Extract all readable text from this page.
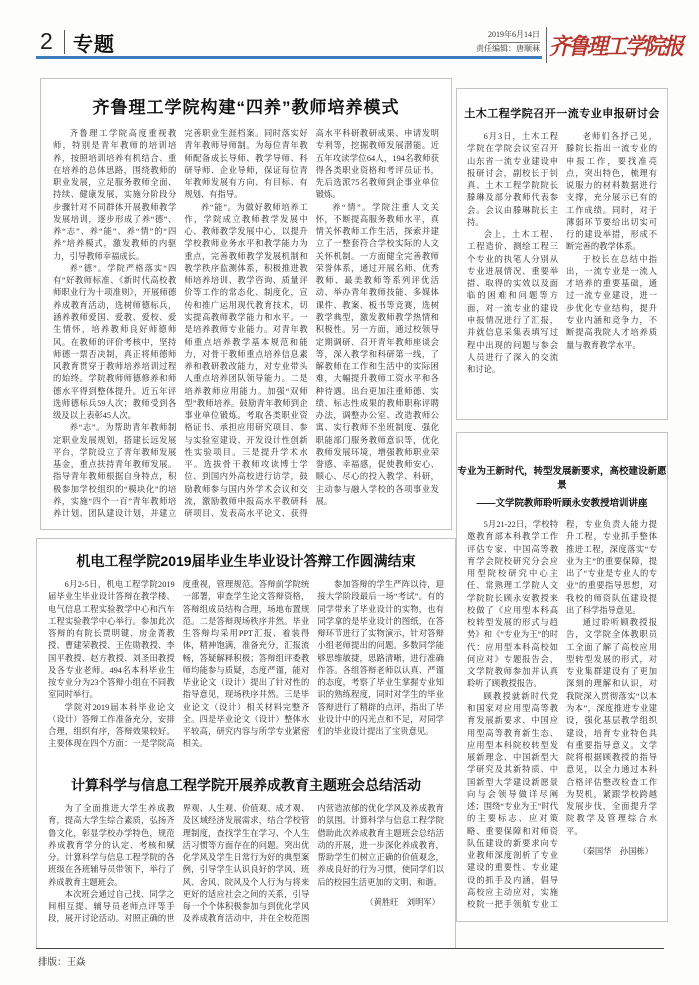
2 专题	2019年6月14日
责任编辑：唐顺菻 齐鲁理工学院报
齐鲁理工学院构建“四养”教师培养模式

齐鲁理工学院高度重视教师，特别是青年教师的培训培养，按照培训培养有机结合、重在培养的总体思路，围绕教师的职业发展，立足服务教师全面、持续、健康发展，实施分阶段分步骤针对不同群体开展教师教学发展培训，逐步形成了养“德”、养“志”、养“能”、养“情”的“四养”培养模式，激发教师的内驱力，引导教师幸福成长。

养“德”。学院严格落实“四有”好教师标准、《新时代高校教师职业行为十项准则》，开展师德养成教育活动，选树师德标兵，涵养教师爱国、爱教、爱校、爱生情怀，培养教师良好师德师风。在教师的评价考核中，坚持师德一票否决制，真正将师德师风教育贯穿于教师培养培训过程的始终。学院教师师德修养和师德水平得到整体提升。近五年评选师德标兵59人次；教师受到各级及以上表彰45人次。

养“志”。为帮助青年教师制定职业发展规划，搭建长远发展平台，学院设立了青年教师发展基金，重点扶持青年教师发展。指导青年教师根据自身特点，积极参加学校组织的“模块化”的培养，实施“四个一百”青年教师培养计划、团队建设计划，并建立完善职业生涯档案。同时落实好青年教师导师制。为每位青年教师配备成长导师、教学导师、科研导师、企业导师，保证每位青年教师发展有方向、有目标、有规划、有指导。

养“能”。为做好教师培养工作，学院成立教师教学发展中心、教师教学发展中心，以提升学校教师业务水平和教学能力为重点，完善教师教学发展机制和教学秩序监测体系，积极推进教师培养培训、教学咨询、质量评价等工作的常态化、制度化，宣传和推广运用现代教育技术，切实提高教师教学能力和水平。一是培养教师专业能力。对青年教师重点培养教学基本规范和能力，对骨干教师重点培养信息素养和教研教改能力，对专业带头人重点培养团队领导能力。二是培养教师应用能力。加强“双师型”教师培养。鼓励青年教师到企事业单位锻炼。考取各类职业资格证书、承担应用研究项目、参与实验室建设、开发设计性创新性实验项目。三是提升学术水平。选拔骨干教师攻读博士学位、到国内外高校进行访学，鼓励教师参与国内外学术会议和交流，激励教师申报高水平教研科研项目、发表高水平论文、获得高水平科研教研成果、申请发明专利等，挖掘教师发展潜能。近五年攻读学位64人，194名教师获得各类职业资格和考评员证书，先后选派75名教师到企事业单位锻炼。

养“情”。学院注重人文关怀，不断提高服务教师水平，真情关怀教师工作生活，探索并建立了一整套符合学校实际的人文关怀机制。一方面健全完善教师荣誉体系，通过开展名师、优秀教师、最美教师等系列评优活动、举办青年教师技能、多媒体课件、教案、板书等竞赛，选树教学典型，激发教师教学热情和积极性。另一方面，通过校领导定期调研、召开青年教师座谈会等，深入教学和科研第一线，了解教师在工作和生活中的实际困难，大幅提升教师工资水平和各种待遇。出台更加注重师德、实绩、标志性成果的教师职称评聘办法，调整办公室、改造教师公寓、实行教师不坐班制度、强化职能部门服务教师意识等，优化教师发展环境，增强教师职业荣誉感、幸福感，促使教师安心、顺心、尽心的投入教学、科研，主动参与融入学校的各项事业发展。

土木工程学院召开一流专业申报研讨会

6月3日，土木工程学院在学院会议室召开山东省一流专业建设申报研讨会，副校长于钊真、土木工程学院院长滕琳及部分教师代表参会。会议由滕琳院长主持。

会上，土木工程、工程造价、测绘工程三个专业的执笔人分别从专业进展情况、重要举措、取得的实效以及面临的困难和问题等方面，对一流专业的建设申报情况进行了汇报，并就信息采集表填写过程中出现的问题与参会人员进行了深入的交流和讨论。

老师们各抒己见，滕院长指出一流专业的申报工作，要找准亮点，突出特色，梳理有说服力的材料数据进行支撑，充分展示已有的工作成绩。同时，对于薄弱环节要给出切实可行的建设举措，形成不断完善的教学体系。

于校长在总结中指出，一流专业是一流人才培养的重要基础，通过一流专业建设，进一步优化专业结构，提升专业内涵和竞争力，不断提高我院人才培养质量与教育教学水平。

专业为王新时代，转型发展新要求，高校建设新愿景
——文学院教师聆听顾永安教授培训讲座

5月21-22日，学校特邀教育部本科教学工作评估专家、中国高等教育学会院校研究分会应用型院校研究中心主任、常熟理工学院人文学院院长顾永安教授来校做了《应用型本科高校转型发展的形式与趋势》和《“专业为王”的时代：应用型本科高校如何应对》专题报告会，文学院教师参加并认真聆听了顾教授报告。

顾教授就新时代党和国家对应用型高等教育发展新要求、中国应用型高等教育新生态、应用型本科院校转型发展新理念、中国新型大学研究及其新特质、中国新型大学建设新愿景向与会领导做详尽阐述；围绕“专业为王”时代的主要标志、应对策略、重要保障和对师资队伍建设的新要求向专业教师深度剖析了专业建设的重要性、专业建设的抓手及内涵，倡导高校应主动应对，实施校院一把手领航专业工程，专业负责人能力提升工程，专业抓手整体推进工程，深度落实“专业为主”的重要保障，提出了“专业是专业人的专业”的重要指导思想，对我校的师资队伍建设提出了科学指导意见。

通过聆听顾教授报告，文学院全体教职员工全面了解了高校应用型转型发展的形式，对专业集群建设有了更加深刻的理解和认识，对我院深入贯彻落实“以本为本”，深度推进专业建设，强化基层教学组织建设，培育专业特色具有重要指导意义。文学院将根据顾教授的指导意见，以全力通过本科合格评估整改检查工作为契机，紧跟学校跨越发展步伐，全面提升学院教学及管理综合水平。

（秦国华　孙国栋）

机电工程学院2019届毕业生毕业设计答辩工作圆满结束

6月2-5日，机电工程学院2019届毕业生毕业设计答辩在教学楼、电气信息工程实验教学中心和汽车工程实验教学中心举行。参加此次答辩的有院长贾明键、房金菁教授、曹建荣教授、王佐勋教授、李国平教授、赵方教授、刘圣田教授及各专业老师。494名本科毕业生按专业分为23个答辩小组在不同教室同时举行。

学院对2019届本科毕业论文（设计）答辩工作准备充分，安排合理，组织有序，答辩效果较好。主要体现在四个方面：一是学院高度重视，管理规范。答辩前学院统一部署，审查学生论文答辩资格，答辩组成员结构合理，场地布置规范。二是答辩现场秩序井然。毕业生答辩均采用PPT汇报、着装得体，精神饱满，准备充分，汇报流畅，答疑解释积极；答辩组评委教师均能参与质疑，态度严谨，能对毕业论文（设计）提出了针对性的指导意见，现场秩序井然。三是毕业论文（设计）相关材料完整齐全。四是毕业论文（设计）整体水平较高，研究内容与所学专业紧密相关。

参加答辩的学生严阵以待，迎接大学阶段最后一场“考试”。有的同学带来了毕业设计的实物，也有同学拿的是毕业设计的图纸，在答辩环节进行了实物演示，针对答辩小组老师提出的问题。多数同学能够思维敏捷，思路清晰，进行准确作答。各组答辩老师以认真、严谨的态度，考察了毕业生掌握专业知识的熟练程度，同时对学生的毕业答辩进行了精辟的点评，指出了毕业设计中的闪光点和不足，对同学们的毕业设计提出了宝贵意见。

计算科学与信息工程学院开展养成教育主题班会总结活动

为了全面推进大学生养成教育，提高大学生综合素质，弘扬齐鲁文化，彰显学校办学特色，规范养成教育学分的认定、考核和赋分。计算科学与信息工程学院的各班级在各班辅导员带领下，举行了养成教育主题班会。

本次班会通过自己找、同学之间相互提、辅导员老师点评等手段，展开讨论活动。对照正确的世界观、人生观、价值观、成才观、及区域经济发展需求，结合学校管理制度，查找学生在学习、个人生活习惯等方面存在的问题。突出优化学风及学生日常行为好的典型案例，引导学生认识良好的学风、班风、舍风、院风及个人行为与将来更好的适应社会之间的关系，引导每一个个体积极参加与到优化学风及养成教育活动中，并在全校范围内营造浓郁的优化学风及养成教育的氛围。计算科学与信息工程学院借助此次养成教育主题班会总结活动的开展，进一步深化养成教育，帮助学生们树立正确的价值观念，养成良好的行为习惯，使同学们以后的校园生活更加的文明、和谐。

（黄胜旺　刘明军）

排版：王焱
